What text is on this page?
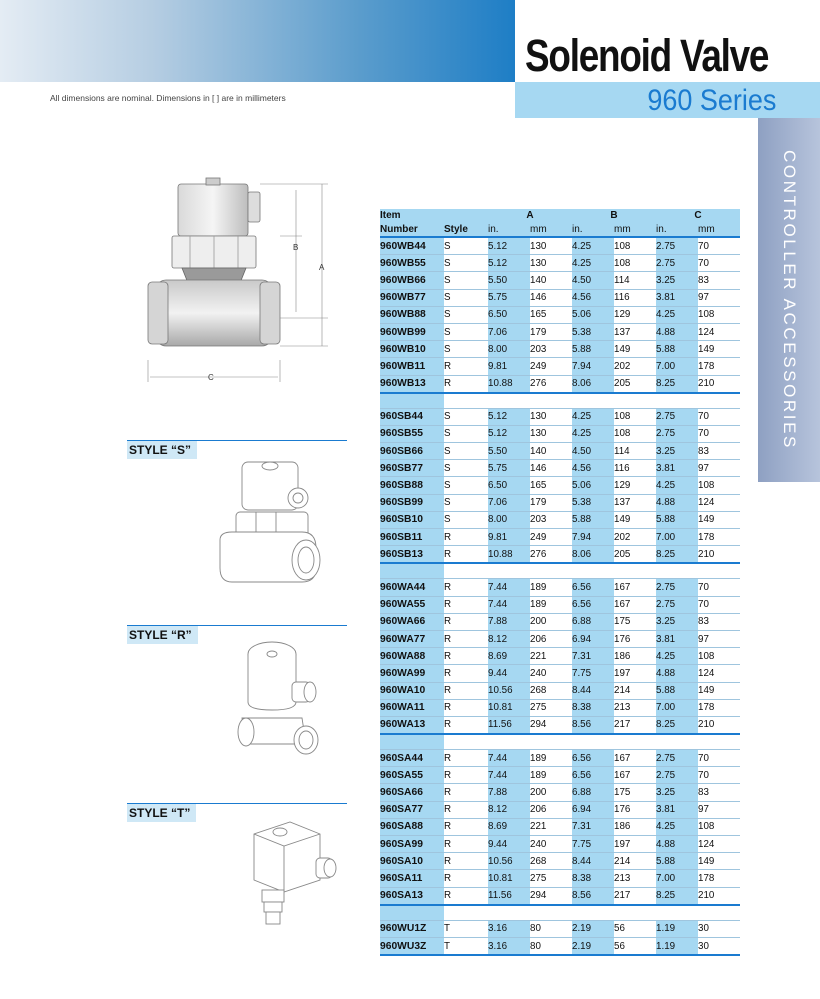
Solenoid Valve
960 Series
All dimensions are nominal. Dimensions in [ ] are in millimeters
CONTROLLER ACCESSORIES
B
A
C
STYLE “S”
STYLE “R”
STYLE “T”
Item		A		B		C	
Number	Style	in.	mm	in.	mm	in.	mm
960WB44	S	5.12	130	4.25	108	2.75	70
960WB55	S	5.12	130	4.25	108	2.75	70
960WB66	S	5.50	140	4.50	114	3.25	83
960WB77	S	5.75	146	4.56	116	3.81	97
960WB88	S	6.50	165	5.06	129	4.25	108
960WB99	S	7.06	179	5.38	137	4.88	124
960WB10	S	8.00	203	5.88	149	5.88	149
960WB11	R	9.81	249	7.94	202	7.00	178
960WB13	R	10.88	276	8.06	205	8.25	210

960SB44	S	5.12	130	4.25	108	2.75	70
960SB55	S	5.12	130	4.25	108	2.75	70
960SB66	S	5.50	140	4.50	114	3.25	83
960SB77	S	5.75	146	4.56	116	3.81	97
960SB88	S	6.50	165	5.06	129	4.25	108
960SB99	S	7.06	179	5.38	137	4.88	124
960SB10	S	8.00	203	5.88	149	5.88	149
960SB11	R	9.81	249	7.94	202	7.00	178
960SB13	R	10.88	276	8.06	205	8.25	210

960WA44	R	7.44	189	6.56	167	2.75	70
960WA55	R	7.44	189	6.56	167	2.75	70
960WA66	R	7.88	200	6.88	175	3.25	83
960WA77	R	8.12	206	6.94	176	3.81	97
960WA88	R	8.69	221	7.31	186	4.25	108
960WA99	R	9.44	240	7.75	197	4.88	124
960WA10	R	10.56	268	8.44	214	5.88	149
960WA11	R	10.81	275	8.38	213	7.00	178
960WA13	R	11.56	294	8.56	217	8.25	210

960SA44	R	7.44	189	6.56	167	2.75	70
960SA55	R	7.44	189	6.56	167	2.75	70
960SA66	R	7.88	200	6.88	175	3.25	83
960SA77	R	8.12	206	6.94	176	3.81	97
960SA88	R	8.69	221	7.31	186	4.25	108
960SA99	R	9.44	240	7.75	197	4.88	124
960SA10	R	10.56	268	8.44	214	5.88	149
960SA11	R	10.81	275	8.38	213	7.00	178
960SA13	R	11.56	294	8.56	217	8.25	210

960WU1Z	T	3.16	80	2.19	56	1.19	30
960WU3Z	T	3.16	80	2.19	56	1.19	30
